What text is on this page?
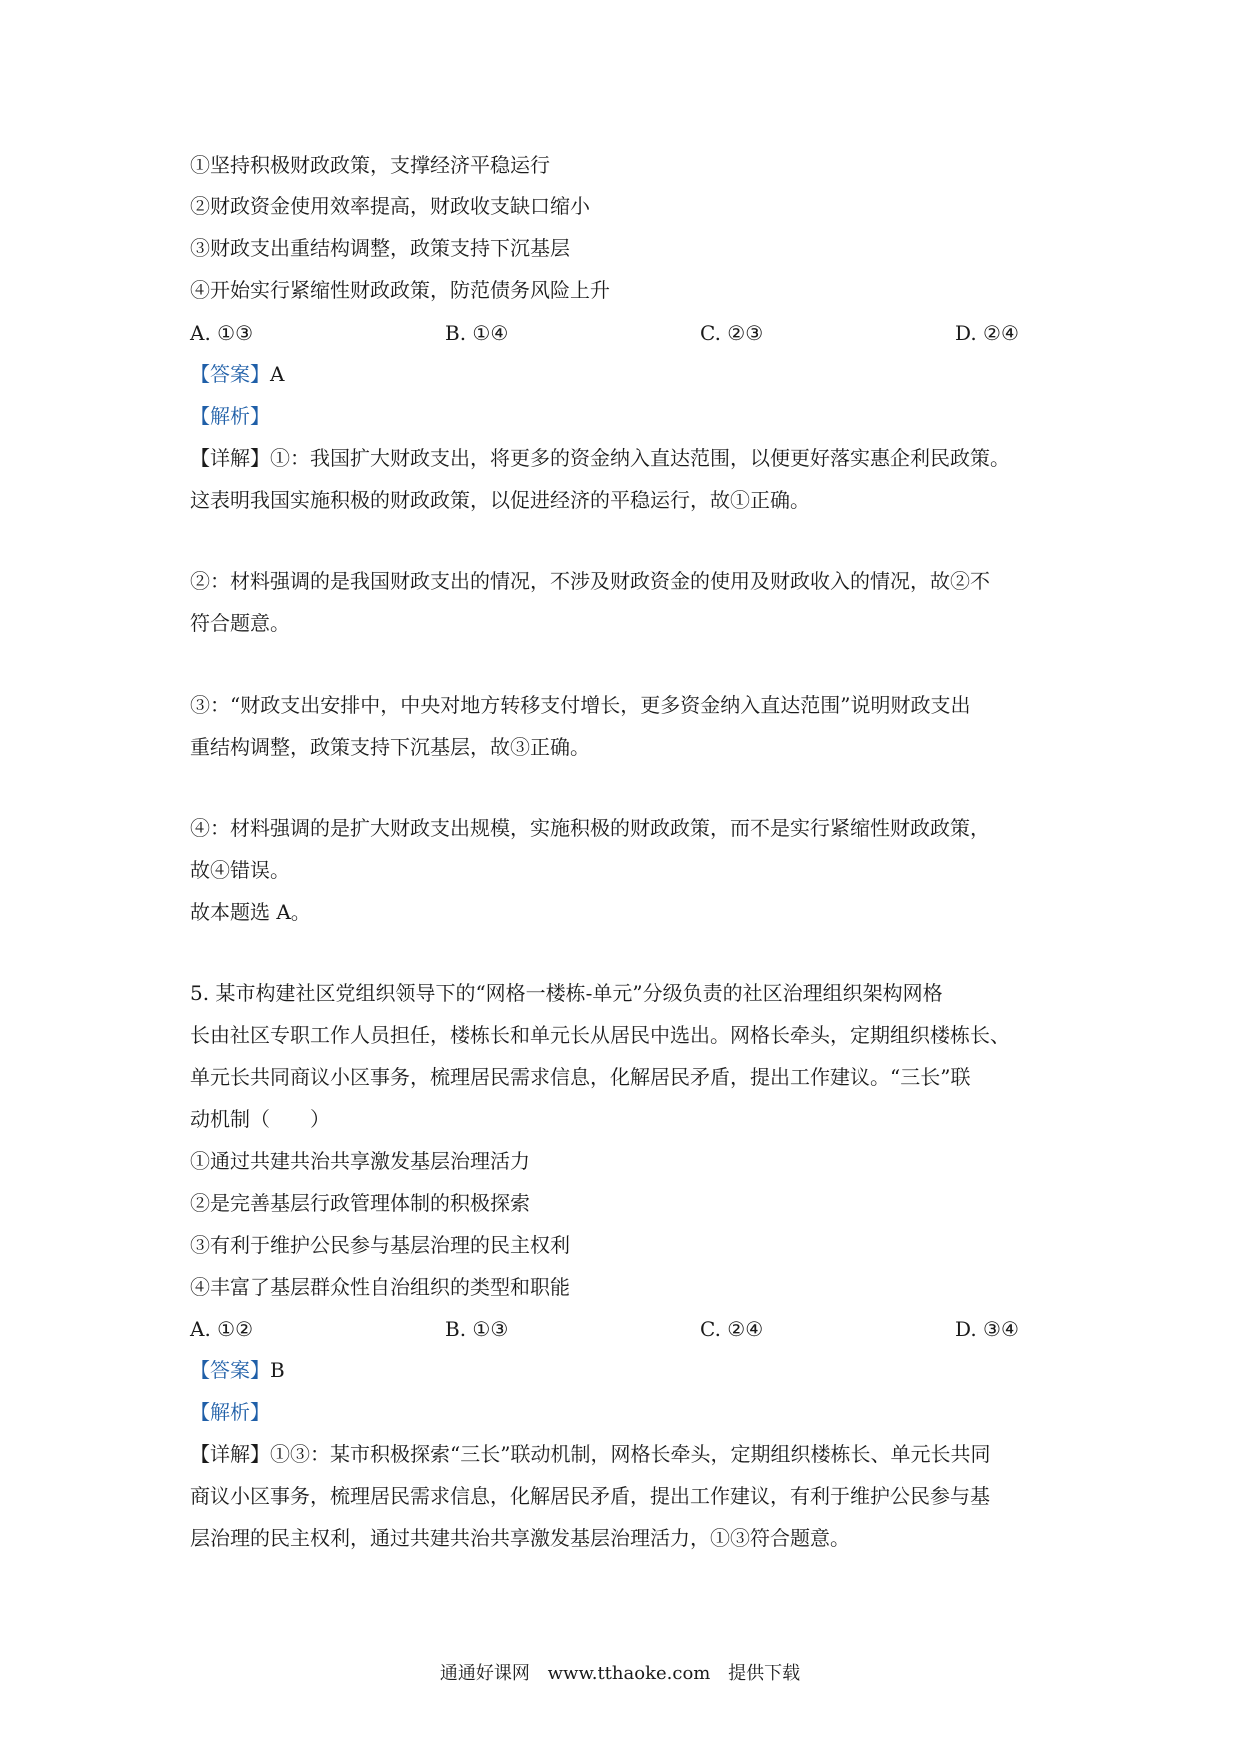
①坚持积极财政政策，支撑经济平稳运行
②财政资金使用效率提高，财政收支缺口缩小
③财政支出重结构调整，政策支持下沉基层
④开始实行紧缩性财政政策，防范债务风险上升
A. ①③	B. ①④	C. ②③	D. ②④
【答案】A
【解析】
【详解】①：我国扩大财政支出，将更多的资金纳入直达范围，以便更好落实惠企利民政策。
这表明我国实施积极的财政政策，以促进经济的平稳运行，故①正确。
②：材料强调的是我国财政支出的情况，不涉及财政资金的使用及财政收入的情况，故②不
符合题意。
③：“财政支出安排中，中央对地方转移支付增长，更多资金纳入直达范围”说明财政支出
重结构调整，政策支持下沉基层，故③正确。
④：材料强调的是扩大财政支出规模，实施积极的财政政策，而不是实行紧缩性财政政策，
故④错误。
故本题选 A。
5. 某市构建社区党组织领导下的“网格一楼栋-单元”分级负责的社区治理组织架构网格
长由社区专职工作人员担任，楼栋长和单元长从居民中选出。网格长牵头，定期组织楼栋长、
单元长共同商议小区事务，梳理居民需求信息，化解居民矛盾，提出工作建议。“三长”联
动机制（　　）
①通过共建共治共享激发基层治理活力
②是完善基层行政管理体制的积极探索
③有利于维护公民参与基层治理的民主权利
④丰富了基层群众性自治组织的类型和职能
A. ①②	B. ①③	C. ②④	D. ③④
【答案】B
【解析】
【详解】①③：某市积极探索“三长”联动机制，网格长牵头，定期组织楼栋长、单元长共同
商议小区事务，梳理居民需求信息，化解居民矛盾，提出工作建议，有利于维护公民参与基
层治理的民主权利，通过共建共治共享激发基层治理活力，①③符合题意。
通通好课网 www.tthaoke.com 提供下载
